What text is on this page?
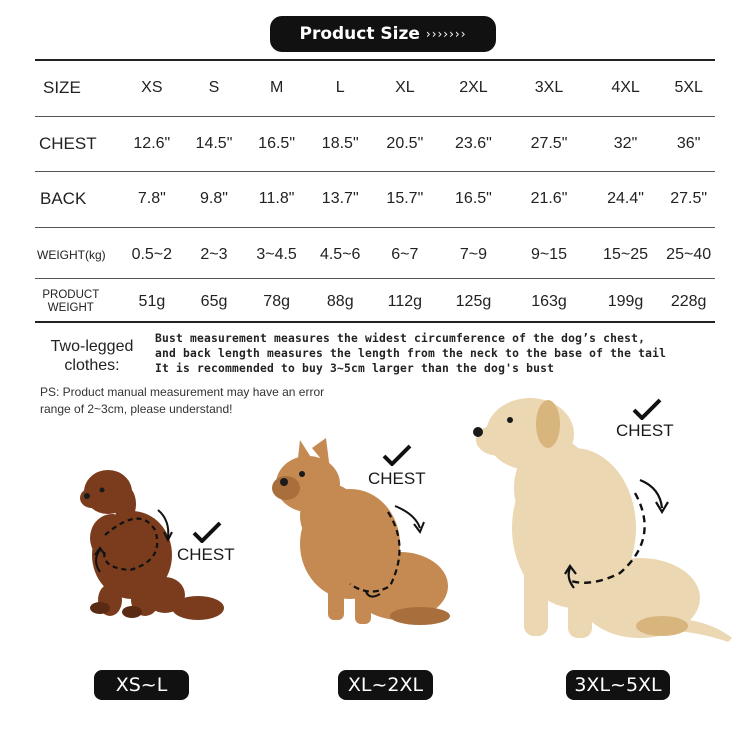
Product Size ›››››››
SIZE	XS	S	M	L	XL	2XL	3XL	4XL	5XL
CHEST	12.6"	14.5"	16.5"	18.5"	20.5"	23.6"	27.5"	32"	36"
BACK	7.8"	9.8"	11.8"	13.7"	15.7"	16.5"	21.6"	24.4"	27.5"
WEIGHT(kg)	0.5~2	2~3	3~4.5	4.5~6	6~7	7~9	9~15	15~25	25~40
PRODUCT
WEIGHT	51g	65g	78g	88g	112g	125g	163g	199g	228g
Two-legged
clothes:
Bust measurement measures the widest circumference of the dog’s chest,
and back length measures the length from the neck to the base of the tail
It is recommended to buy 3~5cm larger than the dog's bust
PS: Product manual measurement may have an error
range of 2~3cm, please understand!
CHEST
CHEST
CHEST
XS~L	XL~2XL	3XL~5XL
